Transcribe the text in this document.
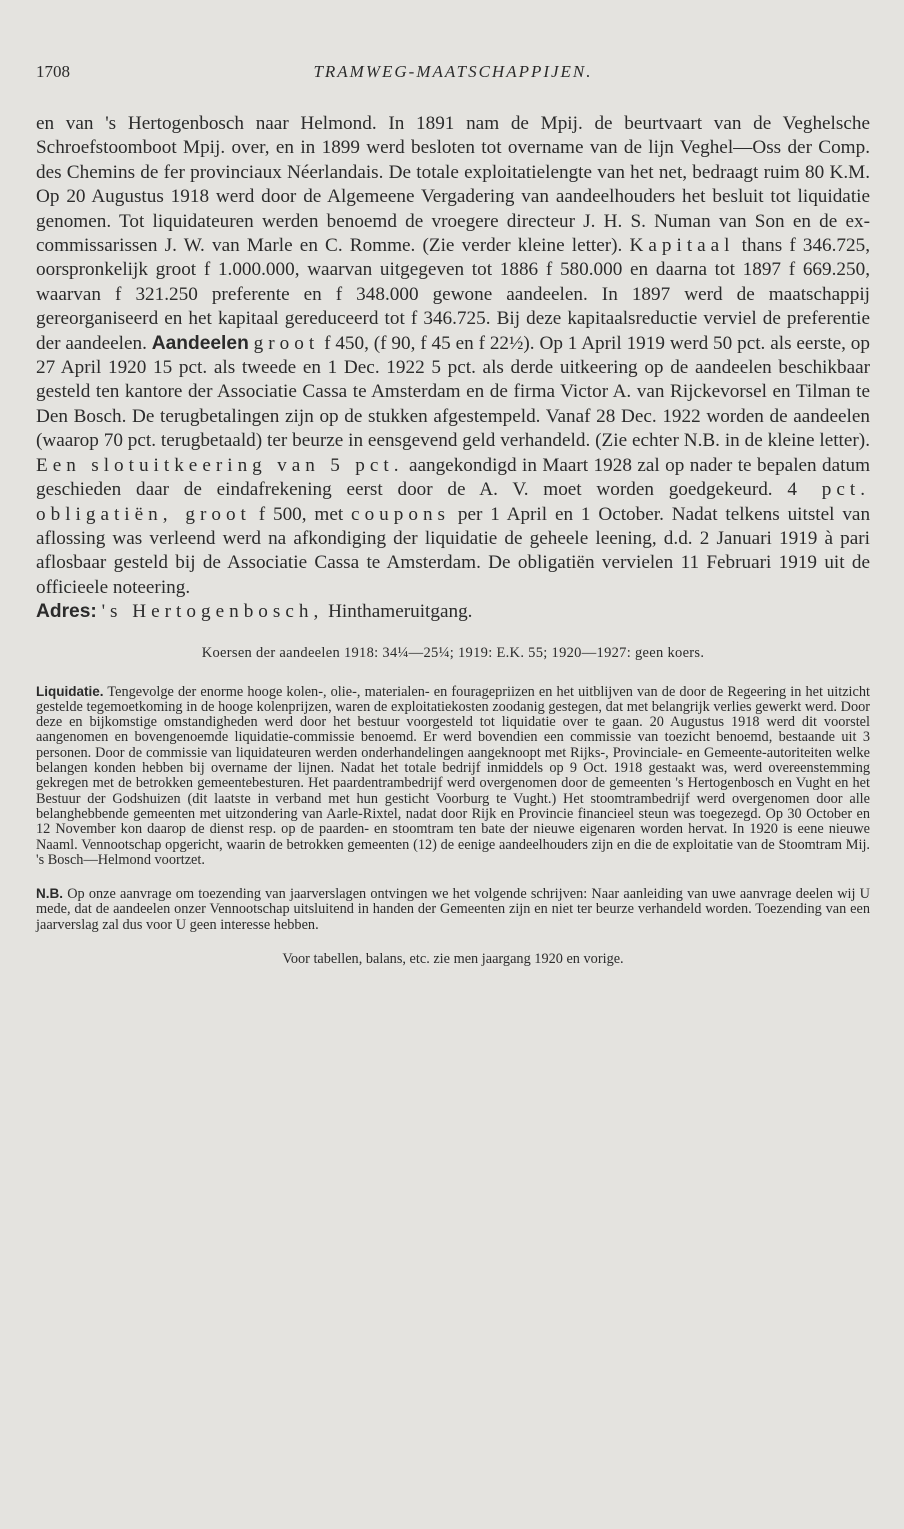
1708	TRAMWEG-MAATSCHAPPIJEN.

en van 's Hertogenbosch naar Helmond. In 1891 nam de Mpij. de beurtvaart van de Veghelsche Schroefstoomboot Mpij. over, en in 1899 werd besloten tot overname van de lijn Veghel—Oss der Comp. des Chemins de fer provinciaux Néerlandais. De totale exploitatielengte van het net, bedraagt ruim 80 K.M. Op 20 Augustus 1918 werd door de Algemeene Vergadering van aandeelhouders het besluit tot liquidatie genomen. Tot liquidateuren werden benoemd de vroegere directeur J. H. S. Numan van Son en de ex-commissarissen J. W. van Marle en C. Romme. (Zie verder kleine letter). Kapitaal thans f 346.725, oorspronkelijk groot f 1.000.000, waarvan uitgegeven tot 1886 f 580.000 en daarna tot 1897 f 669.250, waarvan f 321.250 preferente en f 348.000 gewone aandeelen. In 1897 werd de maatschappij gereorganiseerd en het kapitaal gereduceerd tot f 346.725. Bij deze kapitaalsreductie verviel de preferentie der aandeelen. Aandeelen groot f 450, (f 90, f 45 en f 22½). Op 1 April 1919 werd 50 pct. als eerste, op 27 April 1920 15 pct. als tweede en 1 Dec. 1922 5 pct. als derde uitkeering op de aandeelen beschikbaar gesteld ten kantore der Associatie Cassa te Amsterdam en de firma Victor A. van Rijckevorsel en Tilman te Den Bosch. De terugbetalingen zijn op de stukken afgestempeld. Vanaf 28 Dec. 1922 worden de aandeelen (waarop 70 pct. terugbetaald) ter beurze in eensgevend geld verhandeld. (Zie echter N.B. in de kleine letter). Een slotuitkeering van 5 pct. aangekondigd in Maart 1928 zal op nader te bepalen datum geschieden daar de eindafrekening eerst door de A. V. moet worden goedgekeurd. 4 pct. obligatiën, groot f 500, met coupons per 1 April en 1 October. Nadat telkens uitstel van aflossing was verleend werd na afkondiging der liquidatie de geheele leening, d.d. 2 Januari 1919 à pari aflosbaar gesteld bij de Associatie Cassa te Amsterdam. De obligatiën vervielen 11 Februari 1919 uit de officieele noteering.

Adres: 's Hertogenbosch, Hinthameruitgang.

Koersen der aandeelen 1918: 34¼—25¼; 1919: E.K. 55; 1920—1927: geen koers.

Liquidatie. Tengevolge der enorme hooge kolen-, olie-, materialen- en fouragepriizen en het uitblijven van de door de Regeering in het uitzicht gestelde tegemoetkoming in de hooge kolenprijzen, waren de exploitatiekosten zoodanig gestegen, dat met belangrijk verlies gewerkt werd. Door deze en bijkomstige omstandigheden werd door het bestuur voorgesteld tot liquidatie over te gaan. 20 Augustus 1918 werd dit voorstel aangenomen en bovengenoemde liquidatie-commissie benoemd. Er werd bovendien een commissie van toezicht benoemd, bestaande uit 3 personen. Door de commissie van liquidateuren werden onderhandelingen aangeknoopt met Rijks-, Provinciale- en Gemeente-autoriteiten welke belangen konden hebben bij overname der lijnen. Nadat het totale bedrijf inmiddels op 9 Oct. 1918 gestaakt was, werd overeenstemming gekregen met de betrokken gemeentebesturen. Het paardentrambedrijf werd overgenomen door de gemeenten 's Hertogenbosch en Vught en het Bestuur der Godshuizen (dit laatste in verband met hun gesticht Voorburg te Vught.) Het stoomtrambedrijf werd overgenomen door alle belanghebbende gemeenten met uitzondering van Aarle-Rixtel, nadat door Rijk en Provincie financieel steun was toegezegd. Op 30 October en 12 November kon daarop de dienst resp. op de paarden- en stoomtram ten bate der nieuwe eigenaren worden hervat. In 1920 is eene nieuwe Naaml. Vennootschap opgericht, waarin de betrokken gemeenten (12) de eenige aandeelhouders zijn en die de exploitatie van de Stoomtram Mij. 's Bosch—Helmond voortzet.

N.B. Op onze aanvrage om toezending van jaarverslagen ontvingen we het volgende schrijven: Naar aanleiding van uwe aanvrage deelen wij U mede, dat de aandeelen onzer Vennootschap uitsluitend in handen der Gemeenten zijn en niet ter beurze verhandeld worden. Toezending van een jaarverslag zal dus voor U geen interesse hebben.

Voor tabellen, balans, etc. zie men jaargang 1920 en vorige.
